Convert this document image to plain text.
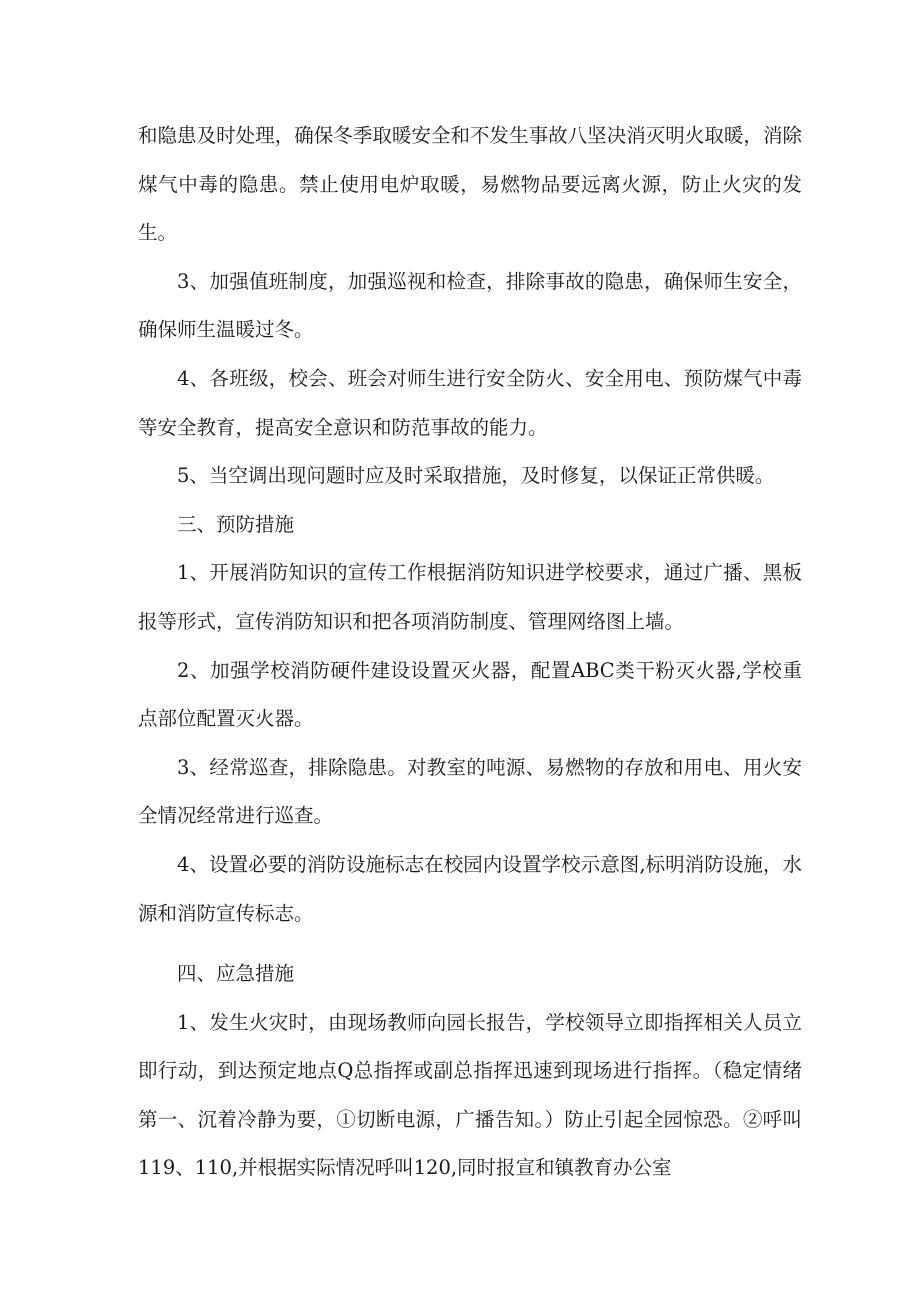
和隐患及时处理，确保冬季取暖安全和不发生事故八坚决消灭明火取暖，消除煤气中毒的隐患。禁止使用电炉取暖，易燃物品要远离火源，防止火灾的发生。

3、加强值班制度，加强巡视和检查，排除事故的隐患，确保师生安全，确保师生温暖过冬。

4、各班级，校会、班会对师生进行安全防火、安全用电、预防煤气中毒等安全教育，提高安全意识和防范事故的能力。

5、当空调出现问题时应及时采取措施，及时修复，以保证正常供暖。

三、预防措施

1、开展消防知识的宣传工作根据消防知识进学校要求，通过广播、黑板报等形式，宣传消防知识和把各项消防制度、管理网络图上墙。

2、加强学校消防硬件建设设置灭火器，配置ABC类干粉灭火器,学校重点部位配置灭火器。

3、经常巡查，排除隐患。对教室的吨源、易燃物的存放和用电、用火安全情况经常进行巡查。

4、设置必要的消防设施标志在校园内设置学校示意图,标明消防设施，水源和消防宣传标志。

四、应急措施

1、发生火灾时，由现场教师向园长报告，学校领导立即指挥相关人员立即行动，到达预定地点Q总指挥或副总指挥迅速到现场进行指挥。（稳定情绪第一、沉着冷静为要，①切断电源，广播告知。）防止引起全园惊恐。②呼叫119、110,并根据实际情况呼叫120,同时报宣和镇教育办公室
